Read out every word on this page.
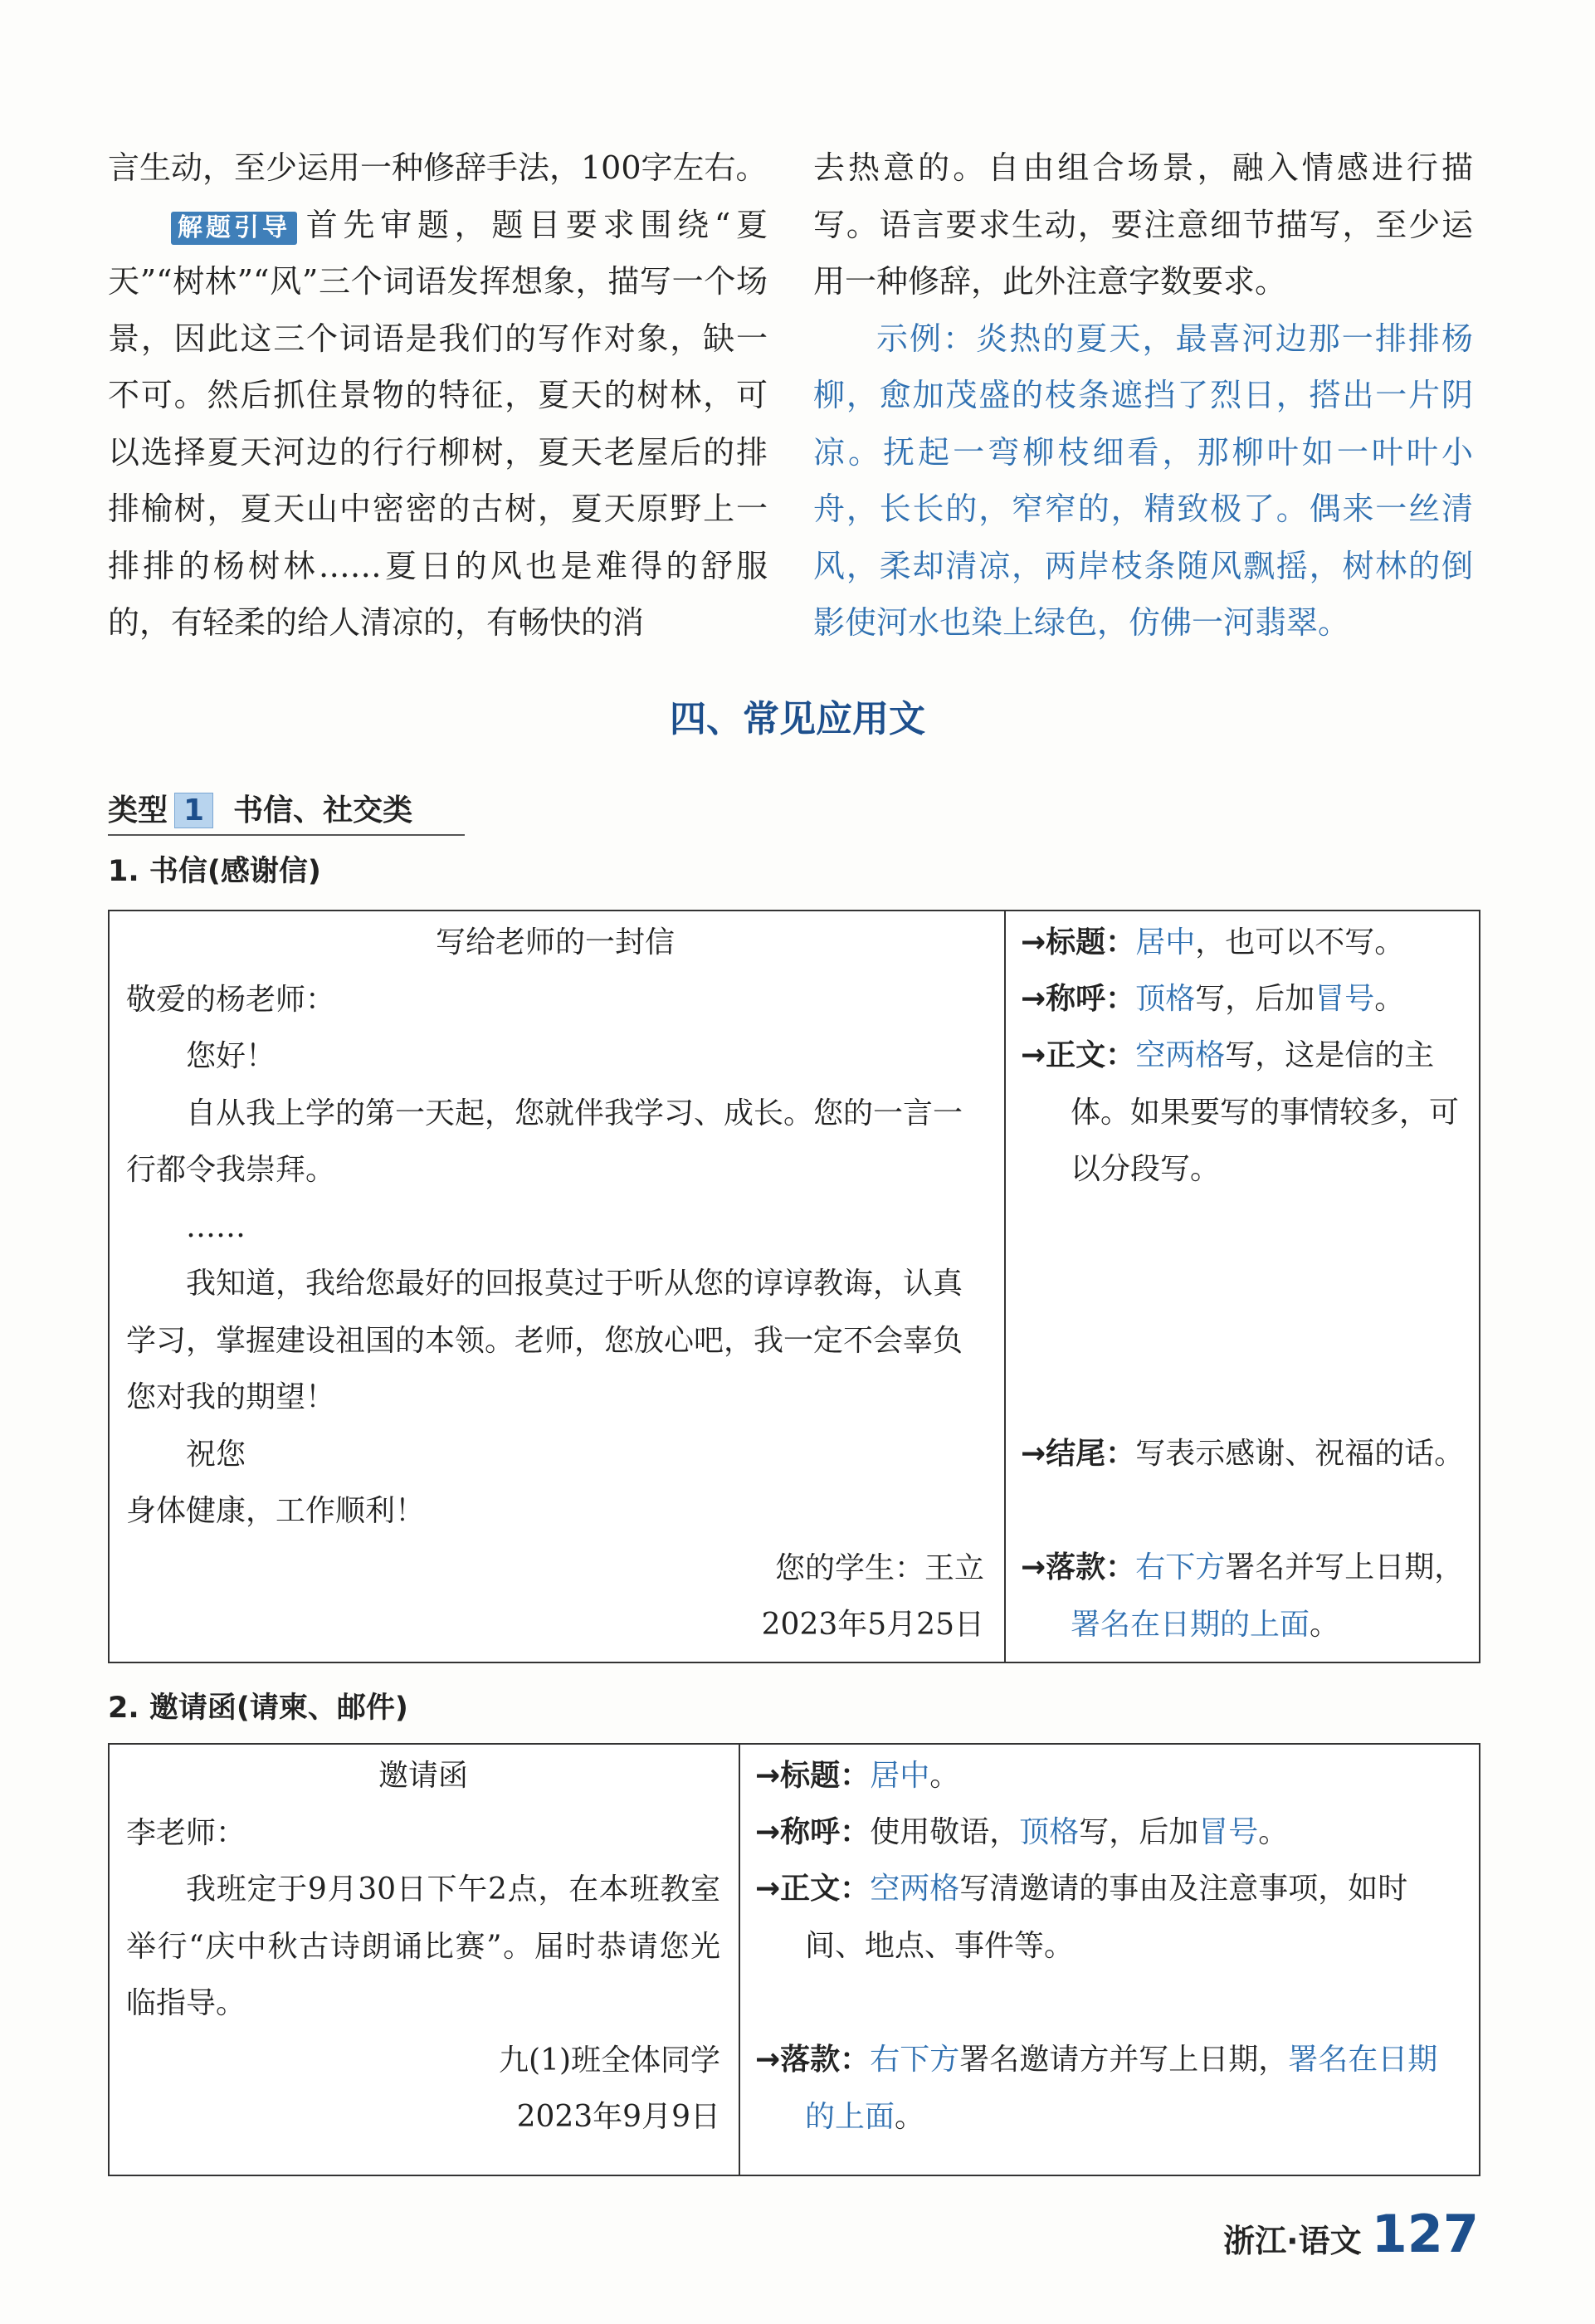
言生动，至少运用一种修辞手法，100字左右。

解题引导 首先审题，题目要求围绕“夏天”“树林”“风”三个词语发挥想象，描写一个场景，因此这三个词语是我们的写作对象，缺一不可。然后抓住景物的特征，夏天的树林，可以选择夏天河边的行行柳树，夏天老屋后的排排榆树，夏天山中密密的古树，夏天原野上一排排的杨树林……夏日的风也是难得的舒服的，有轻柔的给人清凉的，有畅快的消

去热意的。自由组合场景，融入情感进行描写。语言要求生动，要注意细节描写，至少运用一种修辞，此外注意字数要求。

示例：炎热的夏天，最喜河边那一排排杨柳，愈加茂盛的枝条遮挡了烈日，搭出一片阴凉。抚起一弯柳枝细看，那柳叶如一叶叶小舟，长长的，窄窄的，精致极了。偶来一丝清风，柔却清凉，两岸枝条随风飘摇，树林的倒影使河水也染上绿色，仿佛一河翡翠。

四、常见应用文
类型 1 书信、社交类
1. 书信(感谢信)

写给老师的一封信

敬爱的杨老师：

您好！

自从我上学的第一天起，您就伴我学习、成长。您的一言一行都令我崇拜。

……

我知道，我给您最好的回报莫过于听从您的谆谆教诲，认真学习，掌握建设祖国的本领。老师，您放心吧，我一定不会辜负您对我的期望！

祝您

身体健康，工作顺利！

您的学生：王立

2023年5月25日

→标题：居中，也可以不写。
→称呼：顶格写，后加冒号。
→正文：空两格写，这是信的主体。如果要写的事情较多，可以分段写。
→结尾：写表示感谢、祝福的话。
→落款：右下方署名并写上日期，署名在日期的上面。
2. 邀请函(请柬、邮件)

邀请函

李老师：

我班定于9月30日下午2点，在本班教室举行“庆中秋古诗朗诵比赛”。届时恭请您光临指导。

九(1)班全体同学

2023年9月9日

→标题：居中。
→称呼：使用敬语，顶格写，后加冒号。
→正文：空两格写清邀请的事由及注意事项，如时间、地点、事件等。
→落款：右下方署名邀请方并写上日期，署名在日期的上面。
浙江·语文 127
